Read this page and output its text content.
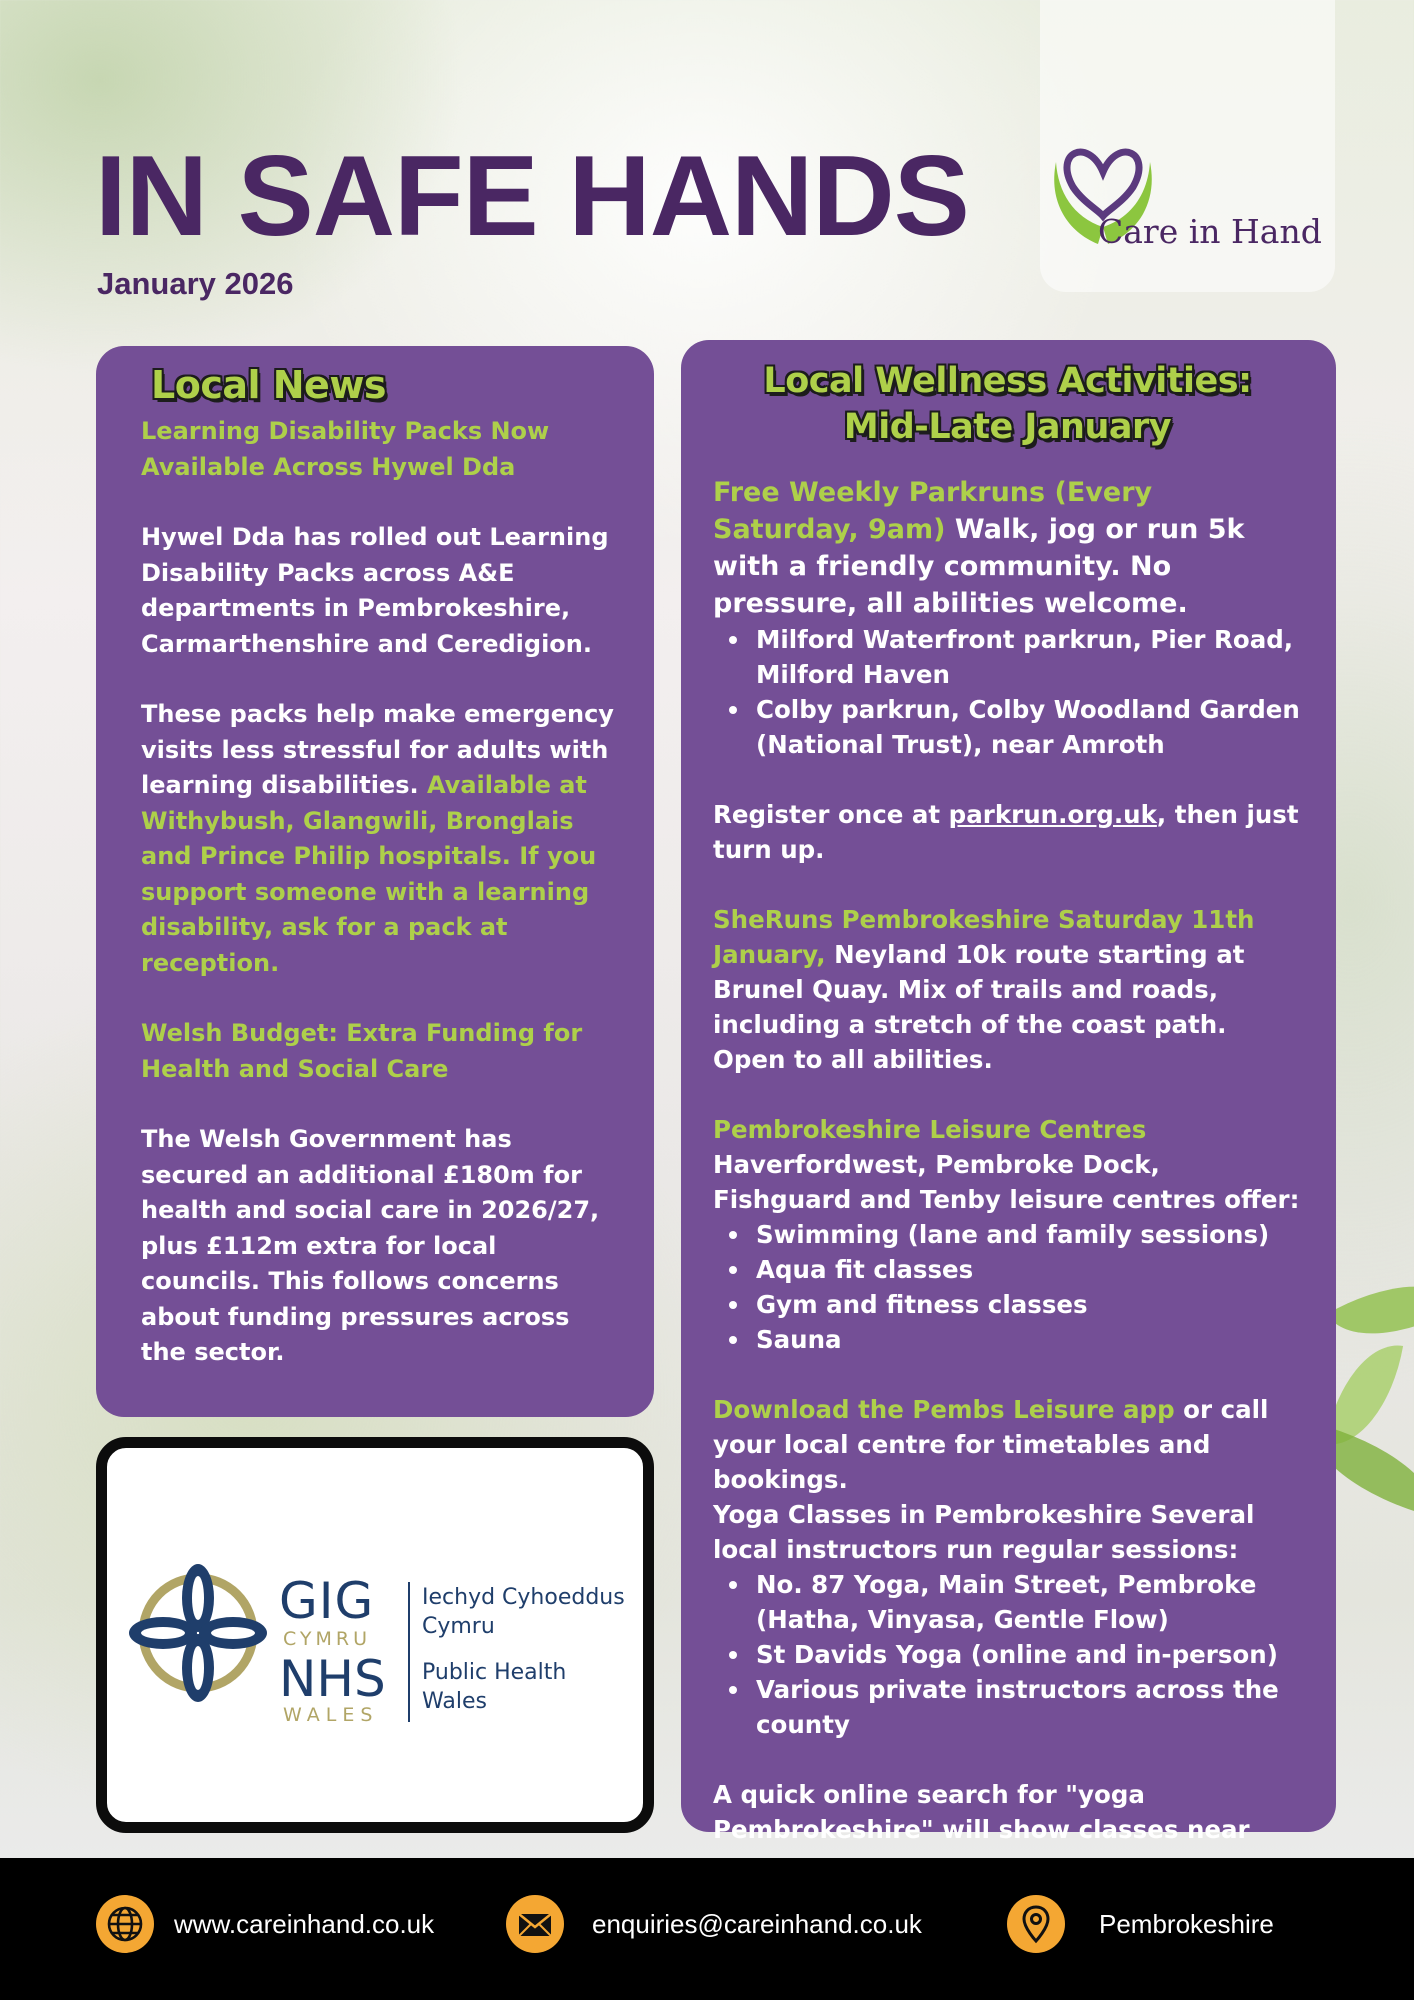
IN SAFE HANDS
January 2026
Care in Hand
Local News
Learning Disability Packs Now Available Across Hywel Dda
Hywel Dda has rolled out Learning Disability Packs across A&E departments in Pembrokeshire, Carmarthenshire and Ceredigion.
These packs help make emergency visits less stressful for adults with learning disabilities. Available at Withybush, Glangwili, Bronglais and Prince Philip hospitals. If you support someone with a learning disability, ask for a pack at reception.
Welsh Budget: Extra Funding for Health and Social Care
The Welsh Government has secured an additional £180m for health and social care in 2026/27, plus £112m extra for local councils. This follows concerns about funding pressures across the sector.
GIG
CYMRU
NHS
WALES
Iechyd Cyhoeddus
Cymru
Public Health
Wales
Local Wellness Activities:
Mid-Late January
Free Weekly Parkruns (Every Saturday, 9am) Walk, jog or run 5k with a friendly community. No pressure, all abilities welcome.
Milford Waterfront parkrun, Pier Road, Milford Haven
Colby parkrun, Colby Woodland Garden (National Trust), near Amroth
Register once at parkrun.org.uk, then just turn up.
SheRuns Pembrokeshire Saturday 11th January, Neyland 10k route starting at Brunel Quay. Mix of trails and roads, including a stretch of the coast path. Open to all abilities.
Pembrokeshire Leisure Centres
Haverfordwest, Pembroke Dock, Fishguard and Tenby leisure centres offer:
Swimming (lane and family sessions)
Aqua fit classes
Gym and fitness classes
Sauna
Download the Pembs Leisure app or call your local centre for timetables and bookings.
Yoga Classes in Pembrokeshire Several local instructors run regular sessions:
No. 87 Yoga, Main Street, Pembroke (Hatha, Vinyasa, Gentle Flow)
St Davids Yoga (online and in-person)
Various private instructors across the county
A quick online search for "yoga Pembrokeshire" will show classes near
www.careinhand.co.uk	enquiries@careinhand.co.uk	Pembrokeshire
